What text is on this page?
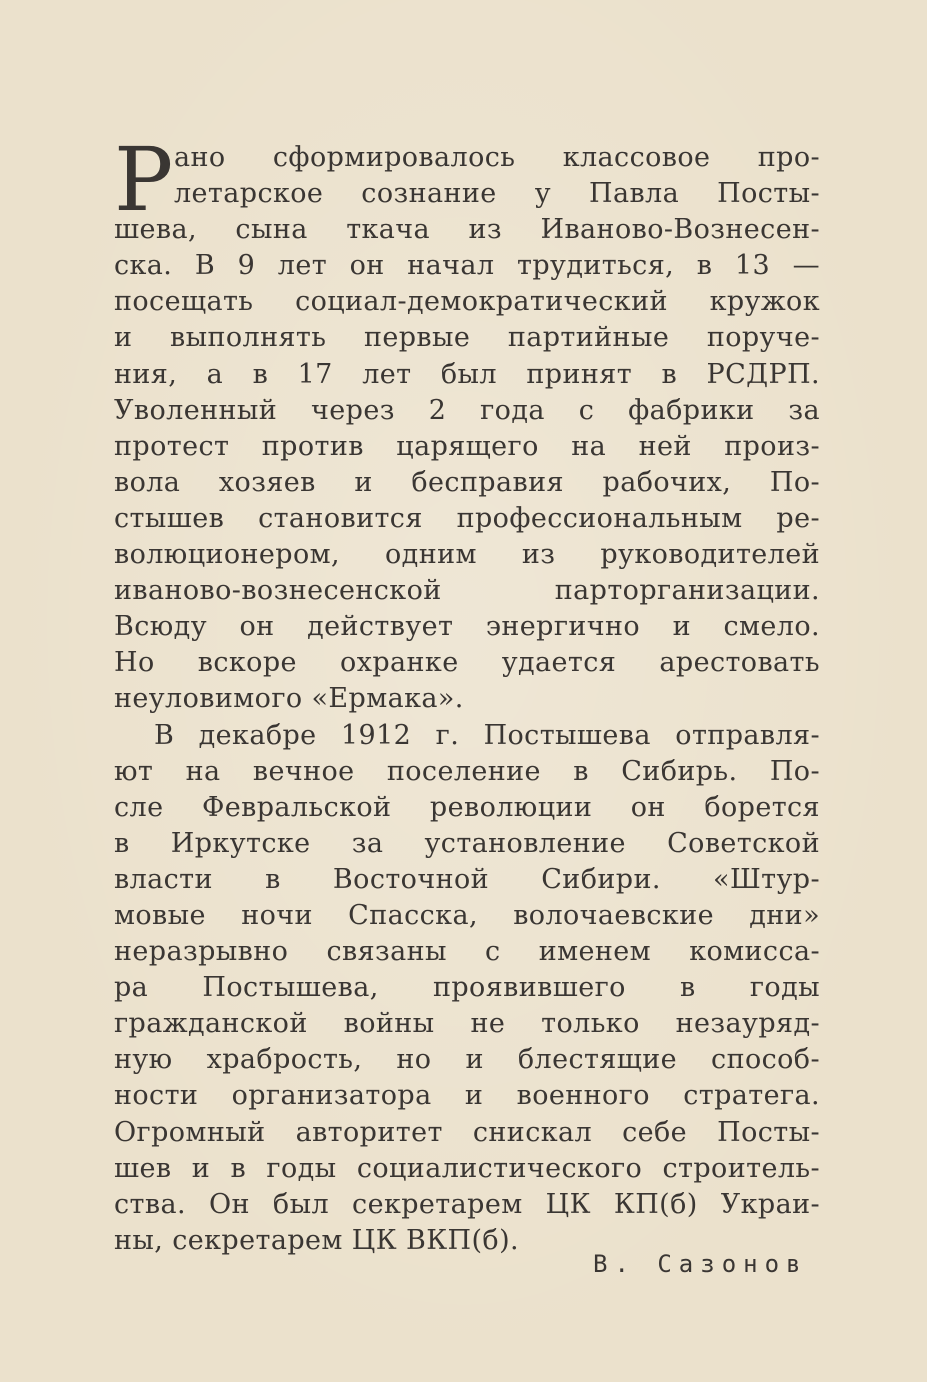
Р ано сформировалось классовое про-
летарское сознание у Павла Посты-
шева, сына ткача из Иваново-Вознесен-
ска. В 9 лет он начал трудиться, в 13 —
посещать социал-демократический кружок
и выполнять первые партийные поруче-
ния, а в 17 лет был принят в РСДРП.
Уволенный через 2 года с фабрики за
протест против царящего на ней произ-
вола хозяев и бесправия рабочих, По-
стышев становится профессиональным ре-
волюционером, одним из руководителей
иваново-вознесенской парторганизации.
Всюду он действует энергично и смело.
Но вскоре охранке удается арестовать
неуловимого «Ермака».
В декабре 1912 г. Постышева отправля-
ют на вечное поселение в Сибирь. По-
сле Февральской революции он борется
в Иркутске за установление Советской
власти в Восточной Сибири. «Штур-
мовые ночи Спасска, волочаевские дни»
неразрывно связаны с именем комисса-
ра Постышева, проявившего в годы
гражданской войны не только незауряд-
ную храбрость, но и блестящие способ-
ности организатора и военного стратега.
Огромный авторитет снискал себе Посты-
шев и в годы социалистического строитель-
ства. Он был секретарем ЦК КП(б) Украи-
ны, секретарем ЦК ВКП(б).
В. Сазонов
